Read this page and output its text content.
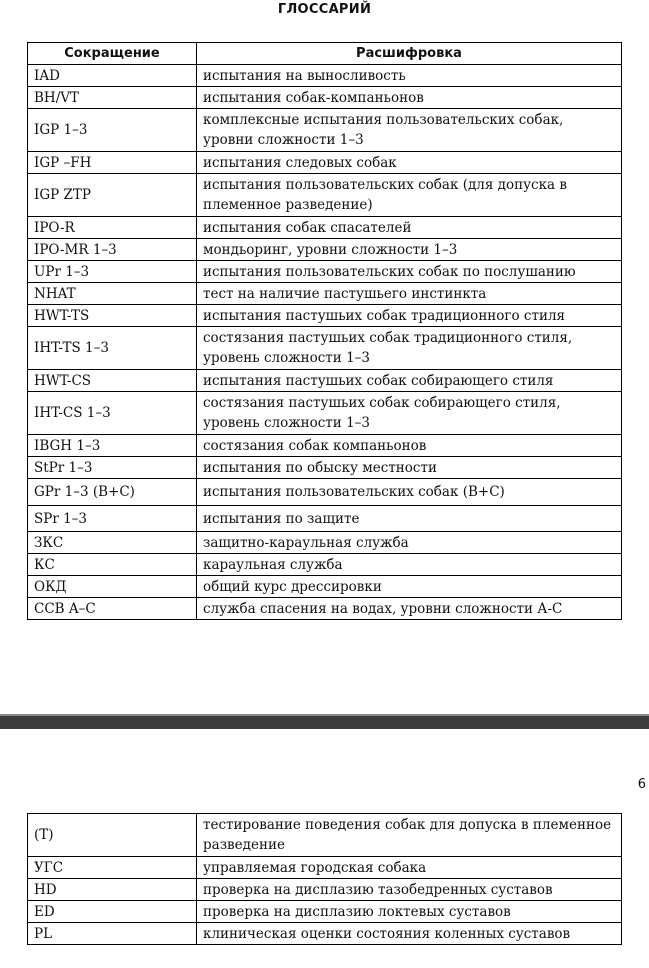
ГЛОССАРИЙ
Сокращение	Расшифровка
IAD	испытания на выносливость
BH/VT	испытания собак-компаньонов
IGP 1–3	комплексные испытания пользовательских собак, уровни сложности 1–3
IGP –FH	испытания следовых собак
IGP ZTP	испытания пользовательских собак (для допуска в племенное разведение)
IPO-R	испытания собак спасателей
IPO-MR 1–3	мондьоринг, уровни сложности 1–3
UPr 1–3	испытания пользовательских собак по послушанию
NHAT	тест на наличие пастушьего инстинкта
HWT-TS	испытания пастушьих собак традиционного стиля
IHT-TS 1–3	состязания пастушьих собак традиционного стиля, уровень сложности 1–3
HWT-CS	испытания пастушьих собак собирающего стиля
IHT-CS 1–3	состязания пастушьих собак собирающего стиля, уровень сложности 1–3
IBGH 1–3	состязания собак компаньонов
StPr 1–3	испытания по обыску местности
GPr 1–3 (B+C)	испытания пользовательских собак (B+C)
SPr 1–3	испытания по защите
ЗКС	защитно-караульная служба
КС	караульная служба
ОКД	общий курс дрессировки
CCB A–C	служба спасения на водах, уровни сложности А-С
6
(T)	тестирование поведения собак для допуска в племенное разведение
УГС	управляемая городская собака
HD	проверка на дисплазию тазобедренных суставов
ED	проверка на дисплазию локтевых суставов
PL	клиническая оценки состояния коленных суставов
